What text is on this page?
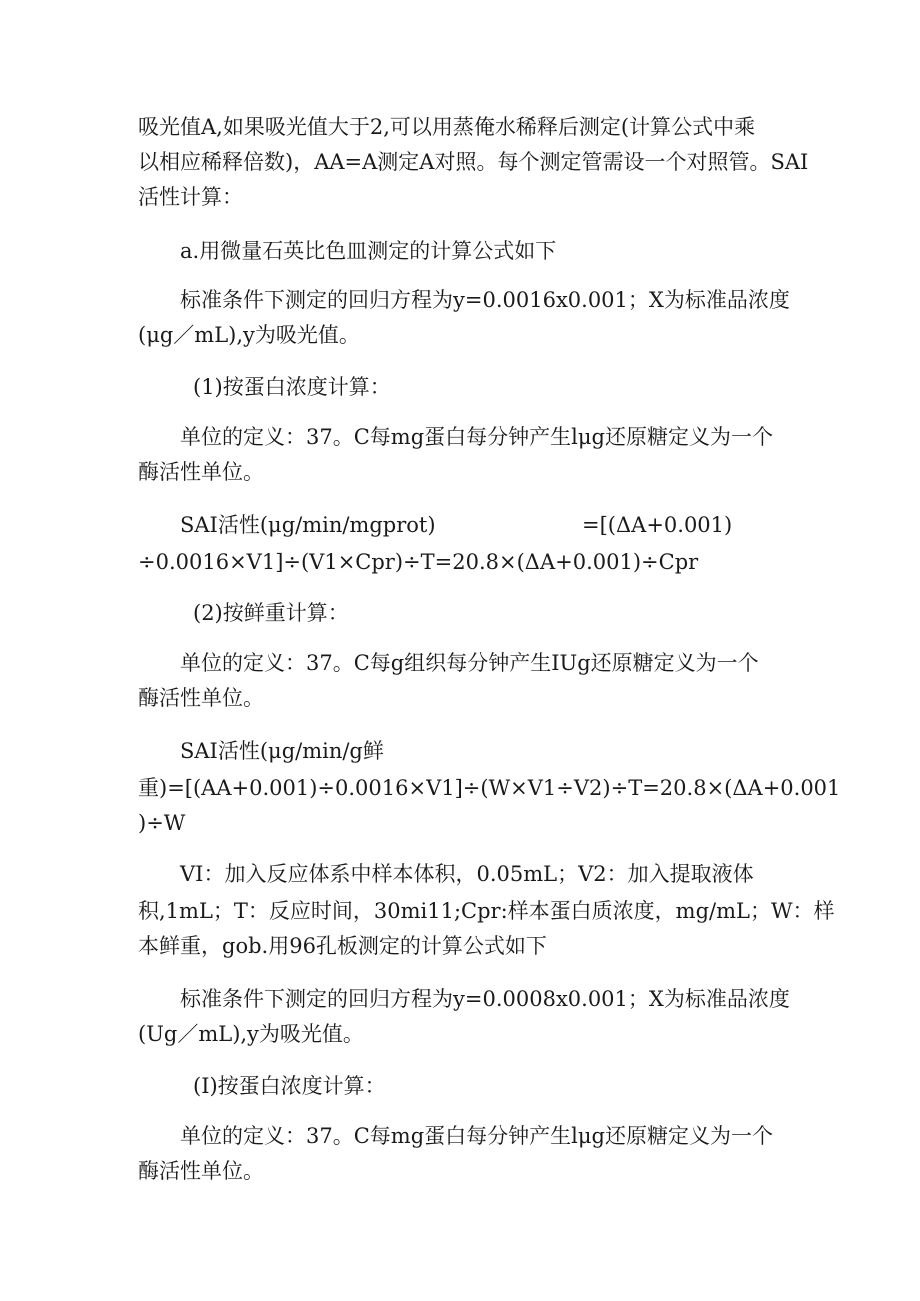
吸光值A,如果吸光值大于2,可以用蒸俺水稀释后测定(计算公式中乘
以相应稀释倍数)，AA=A测定A对照。每个测定管需设一个对照管。SAI
活性计算：
a.用微量石英比色皿测定的计算公式如下
标准条件下测定的回归方程为y=0.0016x0.001；X为标准品浓度
(μg／mL),y为吸光值。
(1)按蛋白浓度计算：
单位的定义：37。C每mg蛋白每分钟产生lμg还原糖定义为一个
酶活性单位。
SAI活性(μg/min/mgprot)	=[(ΔA+0.001)
÷0.0016×V1]÷(V1×Cpr)÷T=20.8×(ΔA+0.001)÷Cpr
(2)按鲜重计算：
单位的定义：37。C每g组织每分钟产生IUg还原糖定义为一个
酶活性单位。
SAI活性(μg/min/g鲜
重)=[(AA+0.001)÷0.0016×V1]÷(W×V1÷V2)÷T=20.8×(ΔA+0.001
)÷W
VI：加入反应体系中样本体积，0.05mL；V2：加入提取液体
积,1mL；T：反应时间，30mi11;Cpr:样本蛋白质浓度，mg/mL；W：样
本鲜重，gob.用96孔板测定的计算公式如下
标准条件下测定的回归方程为y=0.0008x0.001；X为标准品浓度
(Ug／mL),y为吸光值。
(I)按蛋白浓度计算：
单位的定义：37。C每mg蛋白每分钟产生lμg还原糖定义为一个
酶活性单位。
